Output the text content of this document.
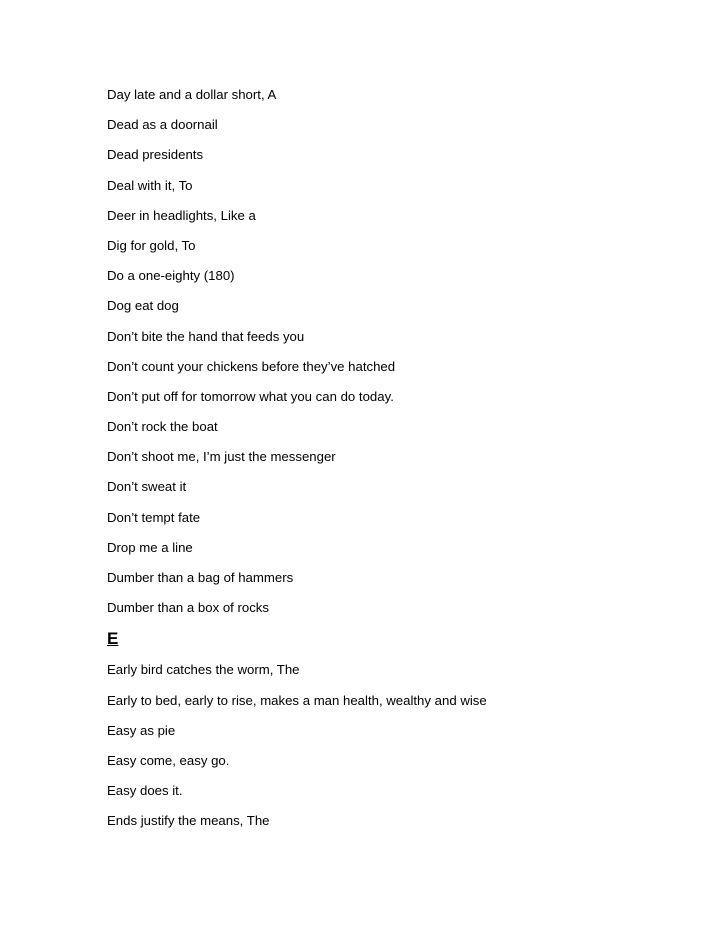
Day late and a dollar short, A
Dead as a doornail
Dead presidents
Deal with it, To
Deer in headlights, Like a
Dig for gold, To
Do a one-eighty (180)
Dog eat dog
Don’t bite the hand that feeds you
Don’t count your chickens before they’ve hatched
Don’t put off for tomorrow what you can do today.
Don’t rock the boat
Don’t shoot me, I’m just the messenger
Don’t sweat it
Don’t tempt fate
Drop me a line
Dumber than a bag of hammers
Dumber than a box of rocks
E
Early bird catches the worm, The
Early to bed, early to rise, makes a man health, wealthy and wise
Easy as pie
Easy come, easy go.
Easy does it.
Ends justify the means, The
